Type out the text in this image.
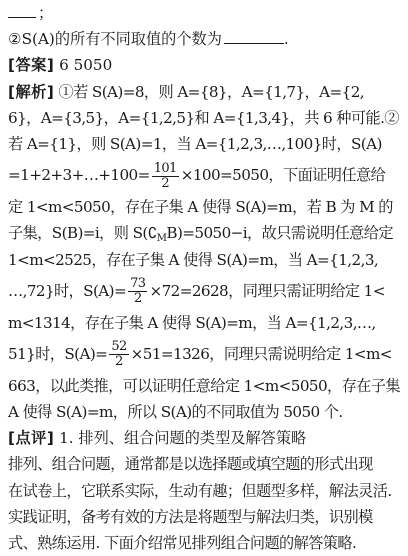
；
②S(A)的所有不同取值的个数为	.
[答案] 6 5050
[解析] ①若 S(A)=8，则 A={8}，A={1,7}，A={2,
6}，A={3,5}，A={1,2,5}和 A={1,3,4}，共 6 种可能.②
若 A={1}，则 S(A)=1，当 A={1,2,3,…,100}时，S(A)
=1+2+3+…+100= $\frac{101}{2} \times 100=5050$，下面证明任意给
定 1<m<5050，存在子集 A 使得 S(A)=m，若 B 为 M 的
子集，S(B)=i，则 $S(∁_MB)=5050-i$，故只需说明任意给定
1<m<2525，存在子集 A 使得 S(A)=m，当 A={1,2,3,
…,72}时，$S(A)= \frac{73}{2} \times 72=2628$，同理只需证明给定 1<
m<1314，存在子集 A 使得 S(A)=m，当 A={1,2,3,…,
51}时，$S(A)= \frac{52}{2} \times 51=1326$，同理只需说明给定 1<m<
663，以此类推，可以证明任意给定 1<m<5050，存在子集
A 使得 S(A)=m，所以 S(A)的不同取值为 5050 个.
[点评] 1. 排列、组合问题的类型及解答策略
排列、组合问题，通常都是以选择题或填空题的形式出现
在试卷上，它联系实际，生动有趣；但题型多样，解法灵活.
实践证明，备考有效的方法是将题型与解法归类，识别模
式、熟练运用. 下面介绍常见排列组合问题的解答策略.
